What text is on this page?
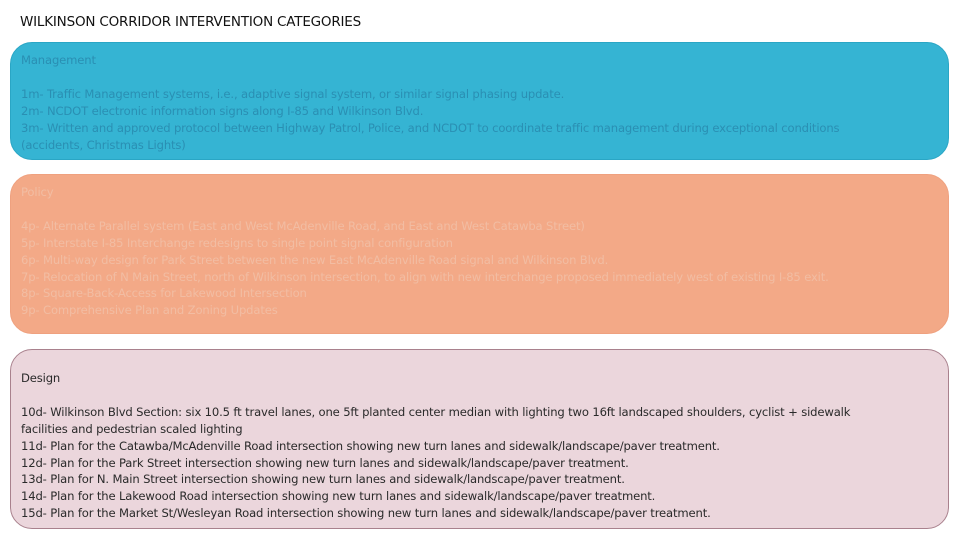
WILKINSON CORRIDOR INTERVENTION CATEGORIES
Management
1m- Traffic Management systems, i.e., adaptive signal system, or similar signal phasing update.
2m- NCDOT electronic information signs along I-85 and Wilkinson Blvd.
3m- Written and approved protocol between Highway Patrol, Police, and NCDOT to coordinate traffic management during exceptional conditions
(accidents, Christmas Lights)
Policy
4p- Alternate Parallel system (East and West McAdenville Road, and East and West Catawba Street)
5p- Interstate I-85 Interchange redesigns to single point signal configuration
6p- Multi-way design for Park Street between the new East McAdenville Road signal and Wilkinson Blvd.
7p- Relocation of N Main Street, north of Wilkinson intersection, to align with new interchange proposed immediately west of existing I-85 exit.
8p- Square-Back-Access for Lakewood Intersection
9p- Comprehensive Plan and Zoning Updates
Design
10d- Wilkinson Blvd Section: six 10.5 ft travel lanes, one 5ft planted center median with lighting two 16ft landscaped shoulders, cyclist + sidewalk
facilities and pedestrian scaled lighting
11d- Plan for the Catawba/McAdenville Road intersection showing new turn lanes and sidewalk/landscape/paver treatment.
12d- Plan for the Park Street intersection showing new turn lanes and sidewalk/landscape/paver treatment.
13d- Plan for N. Main Street intersection showing new turn lanes and sidewalk/landscape/paver treatment.
14d- Plan for the Lakewood Road intersection showing new turn lanes and sidewalk/landscape/paver treatment.
15d- Plan for the Market St/Wesleyan Road intersection showing new turn lanes and sidewalk/landscape/paver treatment.
